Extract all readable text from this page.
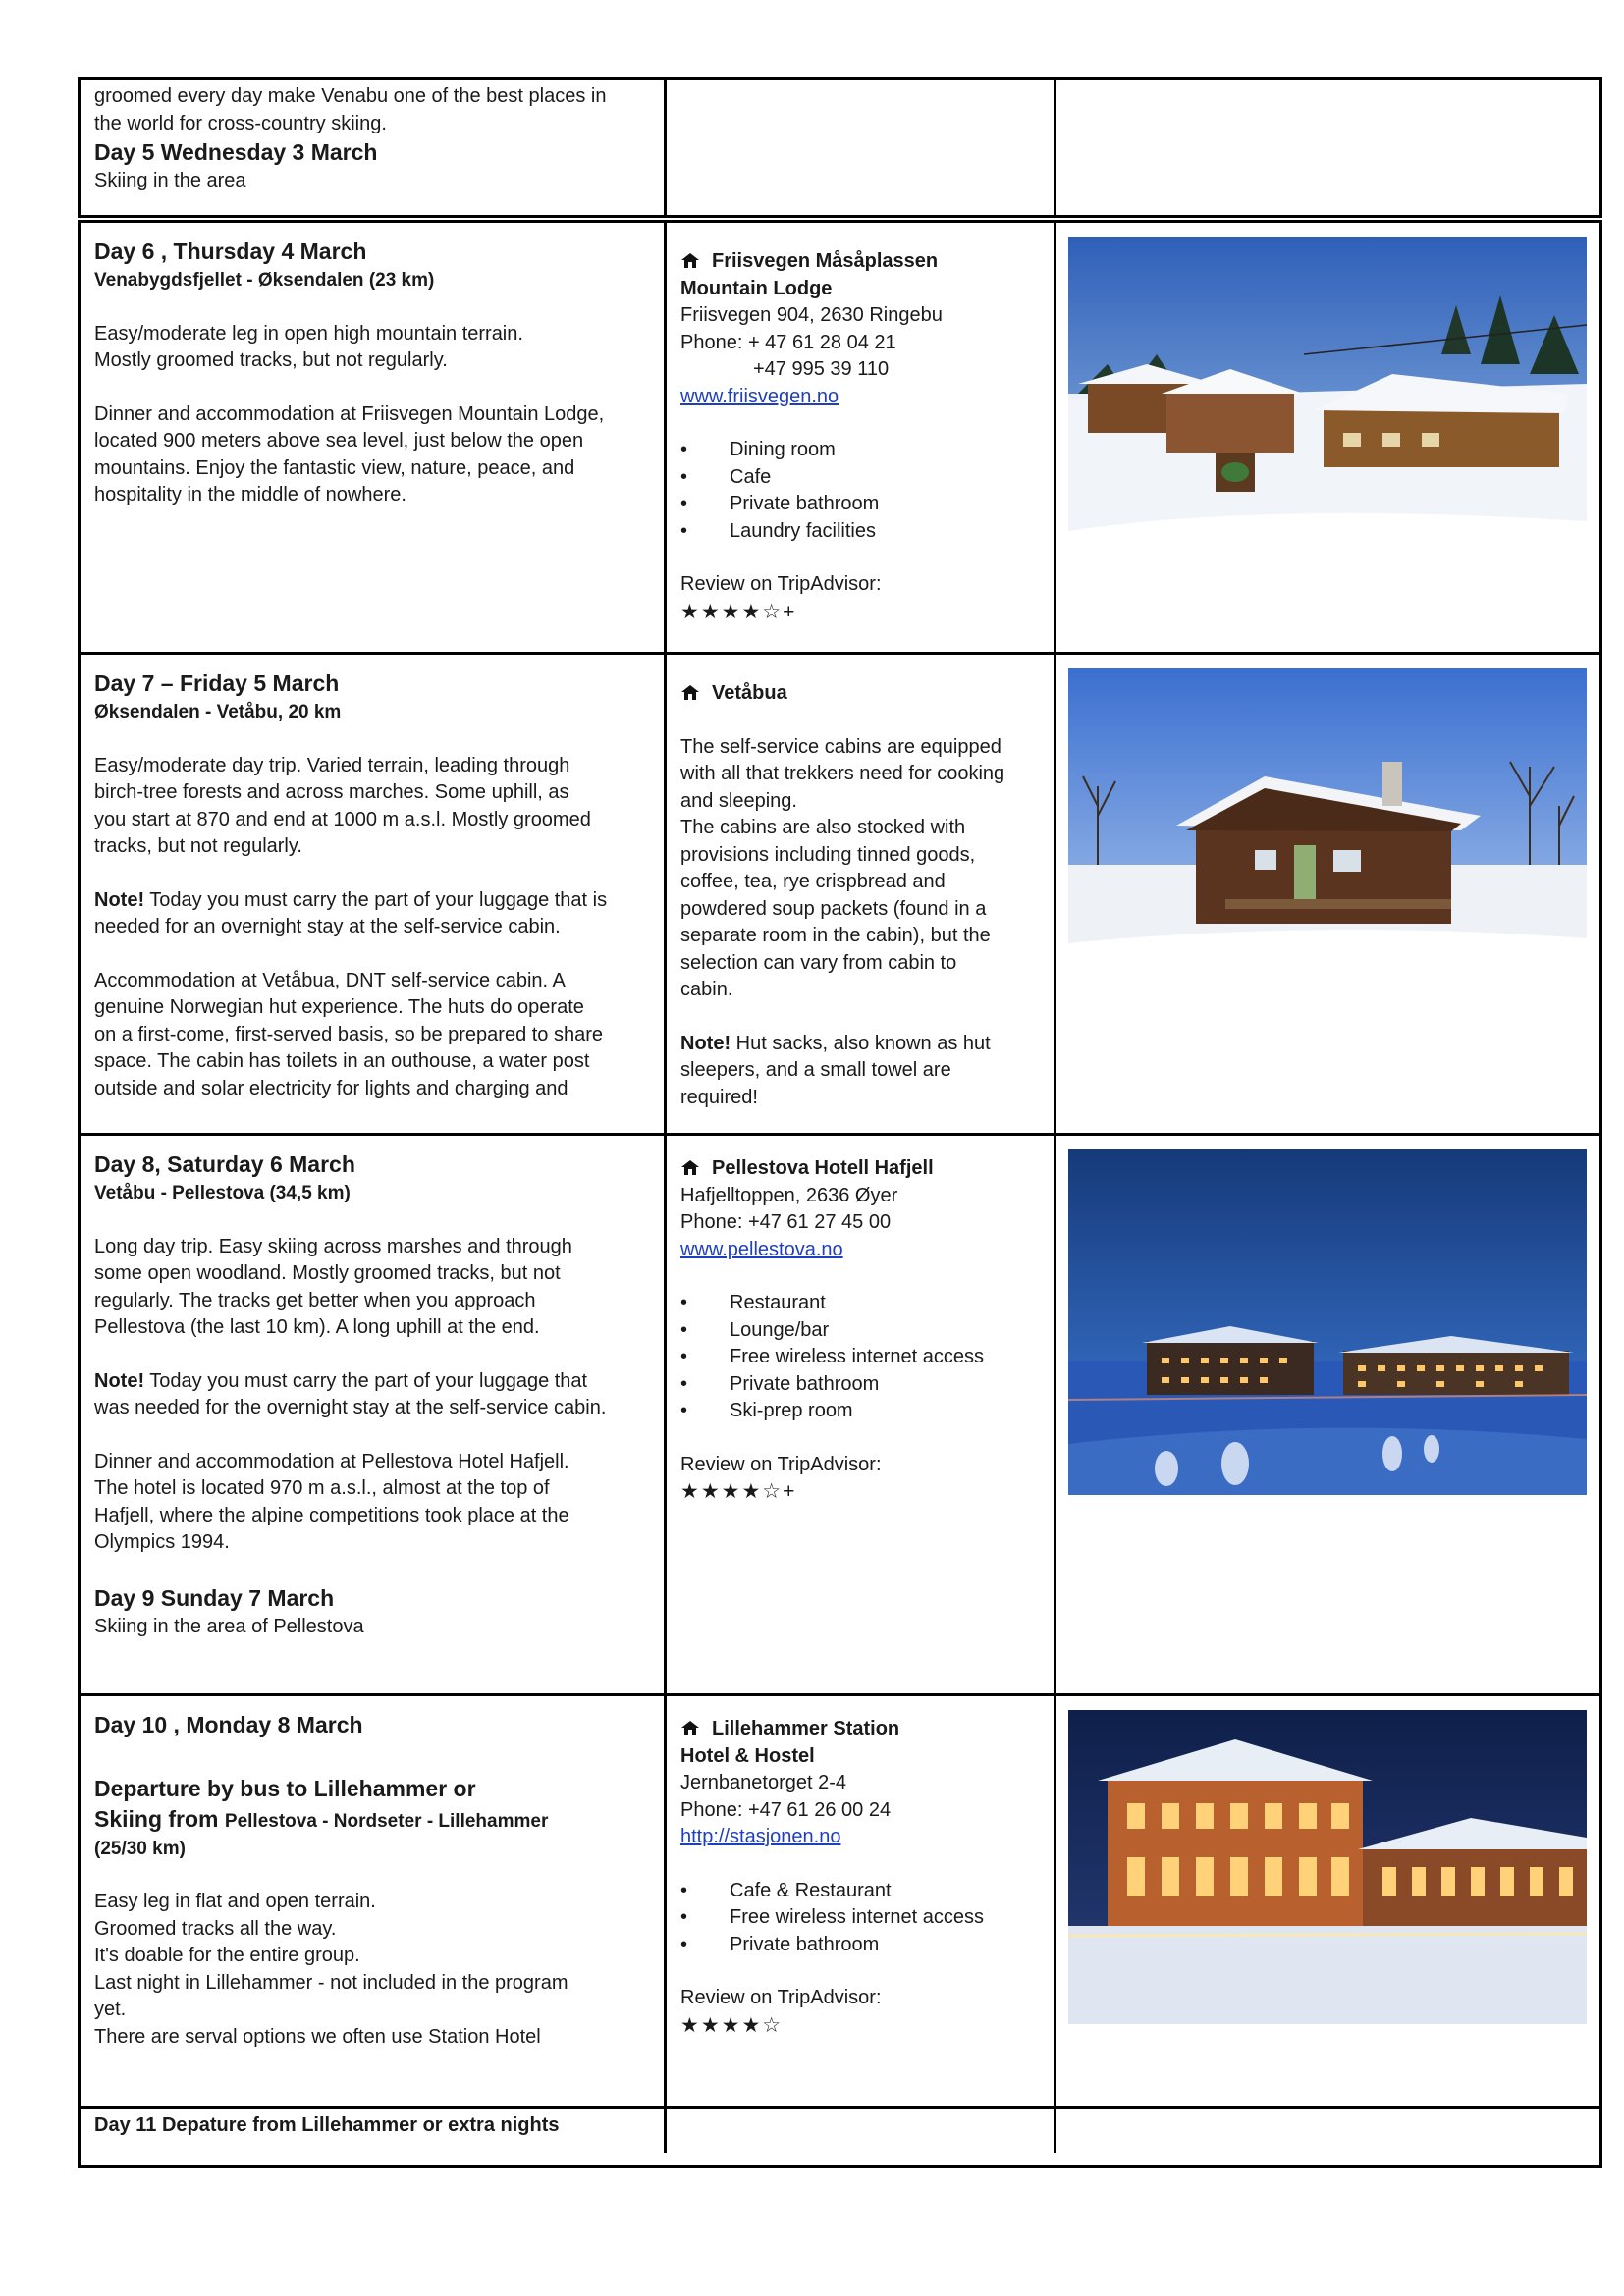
groomed every day make Venabu one of the best places in

the world for cross-country skiing.

Day 5 Wednesday 3 March

Skiing in the area

Day 6 , Thursday 4 March
Venabygdsfjellet - Øksendalen (23 km)

Easy/moderate leg in open high mountain terrain.

Mostly groomed tracks, but not regularly.

Dinner and accommodation at Friisvegen Mountain Lodge,

located 900 meters above sea level, just below the open

mountains. Enjoy the fantastic view, nature, peace, and

hospitality in the middle of nowhere.

Friisvegen Måsåplassen
Mountain Lodge

Friisvegen 904, 2630 Ringebu

Phone: + 47 61 28 04 21

+47 995 39 110

www.friisvegen.no
• Dining room
• Cafe
• Private bathroom
• Laundry facilities

Review on TripAdvisor:

★★★★☆+
Day 7 – Friday 5 March
Øksendalen - Vetåbu, 20 km

Easy/moderate day trip. Varied terrain, leading through

birch-tree forests and across marches. Some uphill, as

you start at 870 and end at 1000 m a.s.l. Mostly groomed

tracks, but not regularly.

Note! Today you must carry the part of your luggage that is

needed for an overnight stay at the self-service cabin.

Accommodation at Vetåbua, DNT self-service cabin. A

genuine Norwegian hut experience. The huts do operate

on a first-come, first-served basis, so be prepared to share

space. The cabin has toilets in an outhouse, a water post

outside and solar electricity for lights and charging and

Vetåbua

The self-service cabins are equipped

with all that trekkers need for cooking

and sleeping.

The cabins are also stocked with

provisions including tinned goods,

coffee, tea, rye crispbread and

powdered soup packets (found in a

separate room in the cabin), but the

selection can vary from cabin to

cabin.

Note! Hut sacks, also known as hut

sleepers, and a small towel are

required!

Day 8, Saturday 6 March
Vetåbu - Pellestova (34,5 km)

Long day trip. Easy skiing across marshes and through

some open woodland. Mostly groomed tracks, but not

regularly. The tracks get better when you approach

Pellestova (the last 10 km). A long uphill at the end.

Note! Today you must carry the part of your luggage that

was needed for the overnight stay at the self-service cabin.

Dinner and accommodation at Pellestova Hotel Hafjell.

The hotel is located 970 m a.s.l., almost at the top of

Hafjell, where the alpine competitions took place at the

Olympics 1994.

Day 9 Sunday 7 March

Skiing in the area of Pellestova

Pellestova Hotell Hafjell

Hafjelltoppen, 2636 Øyer

Phone: +47 61 27 45 00

www.pellestova.no
• Restaurant
• Lounge/bar
• Free wireless internet access
• Private bathroom
• Ski-prep room

Review on TripAdvisor:

★★★★☆+
Day 10 , Monday 8 March
Departure by bus to Lillehammer or
Skiing from Pellestova - Nordseter - Lillehammer
(25/30 km)

Easy leg in flat and open terrain.

Groomed tracks all the way.

It's doable for the entire group.

Last night in Lillehammer - not included in the program

yet.

There are serval options we often use Station Hotel

Lillehammer Station
Hotel & Hostel

Jernbanetorget 2-4

Phone: +47 61 26 00 24

http://stasjonen.no
• Cafe & Restaurant
• Free wireless internet access
• Private bathroom

Review on TripAdvisor:

★★★★☆
Day 11 Depature from Lillehammer or extra nights
